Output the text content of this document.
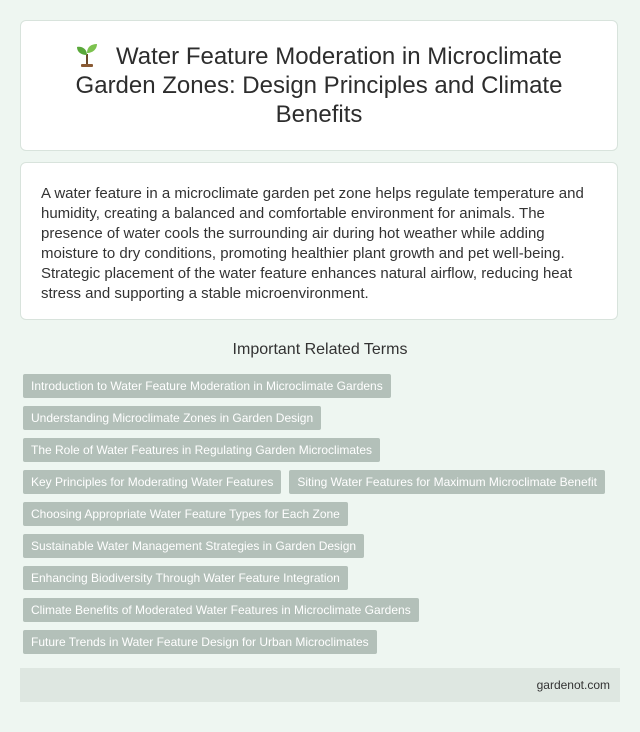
Water Feature Moderation in Microclimate Garden Zones: Design Principles and Climate Benefits

A water feature in a microclimate garden pet zone helps regulate temperature and humidity, creating a balanced and comfortable environment for animals. The presence of water cools the surrounding air during hot weather while adding moisture to dry conditions, promoting healthier plant growth and pet well-being. Strategic placement of the water feature enhances natural airflow, reducing heat stress and supporting a stable microenvironment.

Important Related Terms
Introduction to Water Feature Moderation in Microclimate Gardens
Understanding Microclimate Zones in Garden Design
The Role of Water Features in Regulating Garden Microclimates
Key Principles for Moderating Water Features	Siting Water Features for Maximum Microclimate Benefit
Choosing Appropriate Water Feature Types for Each Zone
Sustainable Water Management Strategies in Garden Design
Enhancing Biodiversity Through Water Feature Integration
Climate Benefits of Moderated Water Features in Microclimate Gardens
Future Trends in Water Feature Design for Urban Microclimates
gardenot.com
